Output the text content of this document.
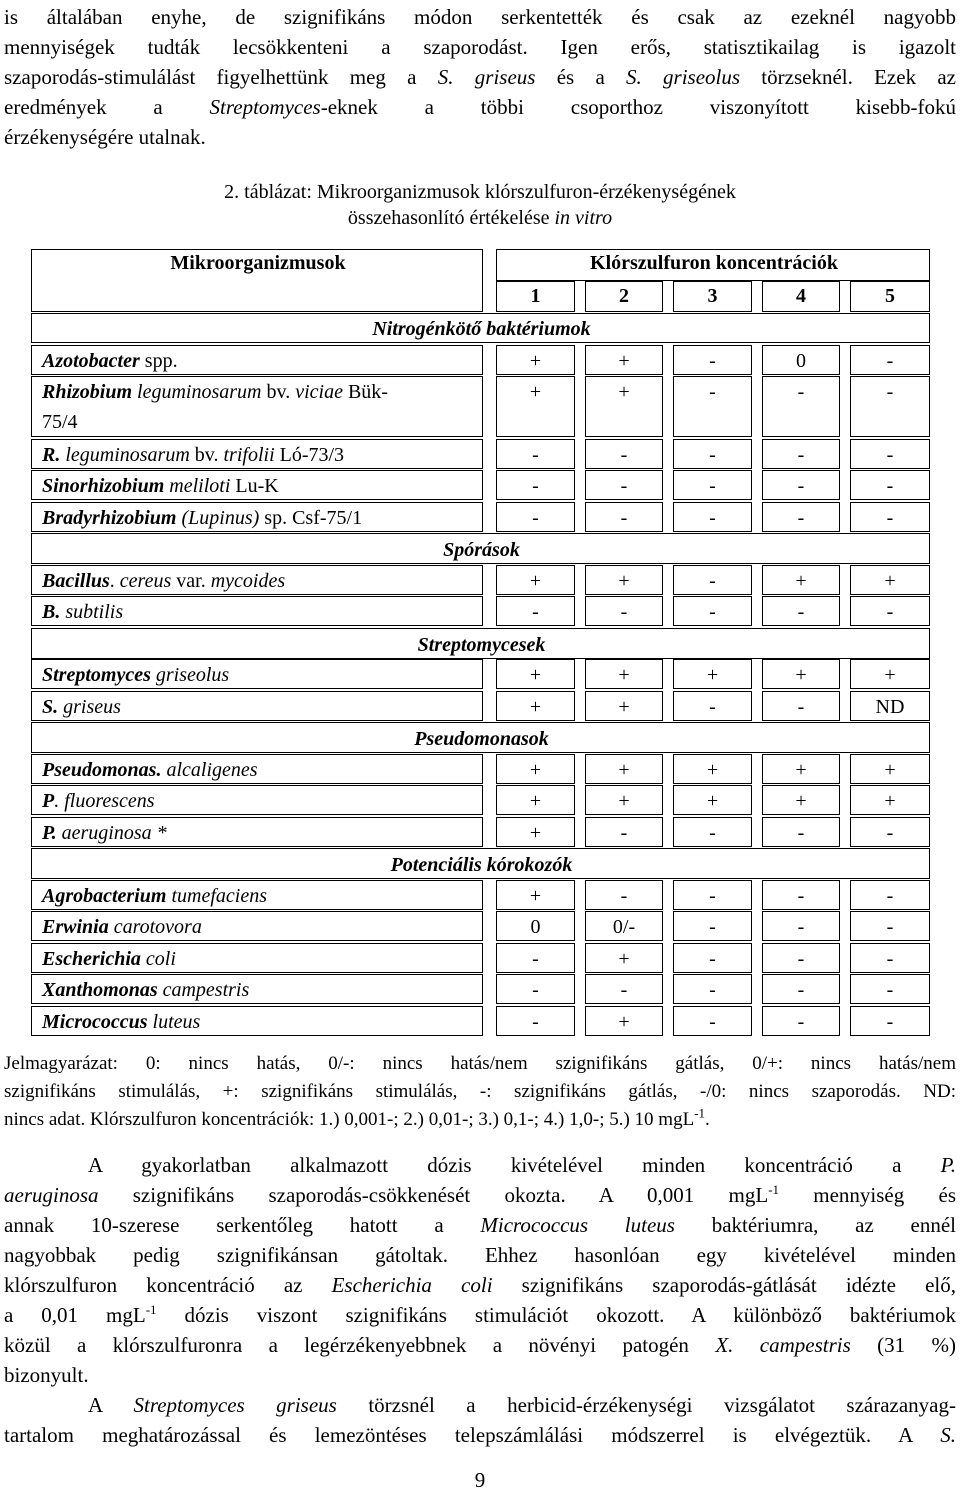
is általában enyhe, de szignifikáns módon serkentették és csak az ezeknél nagyobb

mennyiségek tudták lecsökkenteni a szaporodást. Igen erős, statisztikailag is igazolt

szaporodás-stimulálást figyelhettünk meg a S. griseus és a S. griseolus törzseknél. Ezek az

eredmények a Streptomyces-eknek a többi csoporthoz viszonyított kisebb-fokú

érzékenységére utalnak.

2. táblázat: Mikroorganizmusok klórszulfuron-érzékenységének
összehasonlító értékelése in vitro
Mikroorganizmusok	Klórszulfuron koncentrációk
1	2	3	4	5
Nitrogénkötő baktériumok
Azotobacter spp.	+	+	-	0	-
Rhizobium leguminosarum bv. viciae Bük-
75/4
+	+	-	-	-
R. leguminosarum bv. trifolii Ló-73/3	-	-	-	-	-
Sinorhizobium meliloti Lu-K	-	-	-	-	-
Bradyrhizobium (Lupinus) sp. Csf-75/1	-	-	-	-	-
Spórások
Bacillus. cereus var. mycoides	+	+	-	+	+
B. subtilis	-	-	-	-	-
Streptomycesek
Streptomyces griseolus	+	+	+	+	+
S. griseus	+	+	-	-	ND
Pseudomonasok
Pseudomonas. alcaligenes	+	+	+	+	+
P. fluorescens	+	+	+	+	+
P. aeruginosa *	+	-	-	-	-
Potenciális kórokozók
Agrobacterium tumefaciens	+	-	-	-	-
Erwinia carotovora	0	0/-	-	-	-
Escherichia coli	-	+	-	-	-
Xanthomonas campestris	-	-	-	-	-
Micrococcus luteus	-	+	-	-	-

Jelmagyarázat: 0: nincs hatás, 0/-: nincs hatás/nem szignifikáns gátlás, 0/+: nincs hatás/nem

szignifikáns stimulálás, +: szignifikáns stimulálás, -: szignifikáns gátlás, -/0: nincs szaporodás. ND:

nincs adat. Klórszulfuron koncentrációk: 1.) 0,001-; 2.) 0,01-; 3.) 0,1-; 4.) 1,0-; 5.) 10 mgL$^{-1}$.

A gyakorlatban alkalmazott dózis kivételével minden koncentráció a P.

aeruginosa szignifikáns szaporodás-csökkenését okozta. A 0,001 mgL$^{-1}$ mennyiség és

annak 10-szerese serkentőleg hatott a Micrococcus luteus baktériumra, az ennél

nagyobbak pedig szignifikánsan gátoltak. Ehhez hasonlóan egy kivételével minden

klórszulfuron koncentráció az Escherichia coli szignifikáns szaporodás-gátlását idézte elő,

a 0,01 mgL$^{-1}$ dózis viszont szignifikáns stimulációt okozott. A különböző baktériumok

közül a klórszulfuronra a legérzékenyebbnek a növényi patogén X. campestris (31 %)

bizonyult.

A Streptomyces griseus törzsnél a herbicid-érzékenységi vizsgálatot szárazanyag-

tartalom meghatározással és lemezöntéses telepszámlálási módszerrel is elvégeztük. A S.

9
